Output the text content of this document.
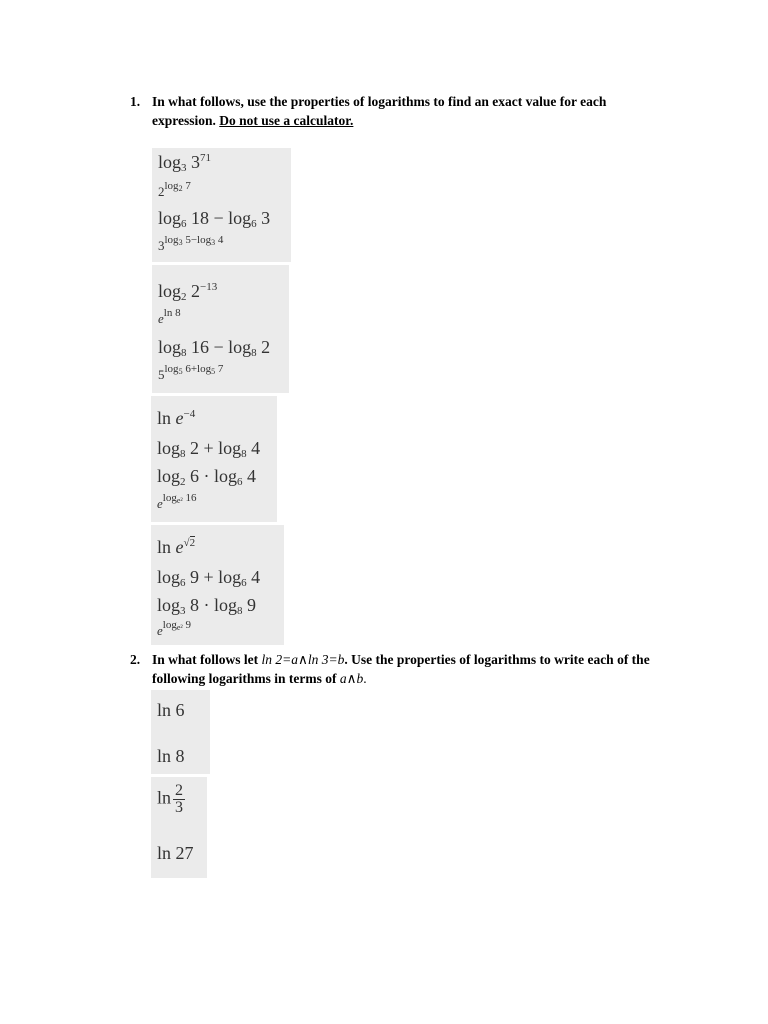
1. In what follows, use the properties of logarithms to find an exact value for each expression. Do not use a calculator.
$\log_3 3^{71}$
$2^{log_2 7}$
$\log_6 18 - \log_6 3$
$3^{log_3 5-log_3 4}$
$\log_2 2^{-13}$
$e^{ln 8}$
$\log_8 16 - \log_8 2$
$5^{log_5 6+log_5 7}$
$\ln e^{-4}$
$\log_8 2 + \log_8 4$
$\log_2 6 \cdot \log_6 4$
$e^{log_{e^2} 16}$
$\ln e^{√2}$
$\log_6 9 + \log_6 4$
$\log_3 8 \cdot \log_8 9$
$e^{log_{e^2} 9}$
2. In what follows let ln 2=a∧ln 3=b. Use the properties of logarithms to write each of the following logarithms in terms of a∧b.
ln 6
ln 8
$\ln \frac{2}{3}$
ln 27
